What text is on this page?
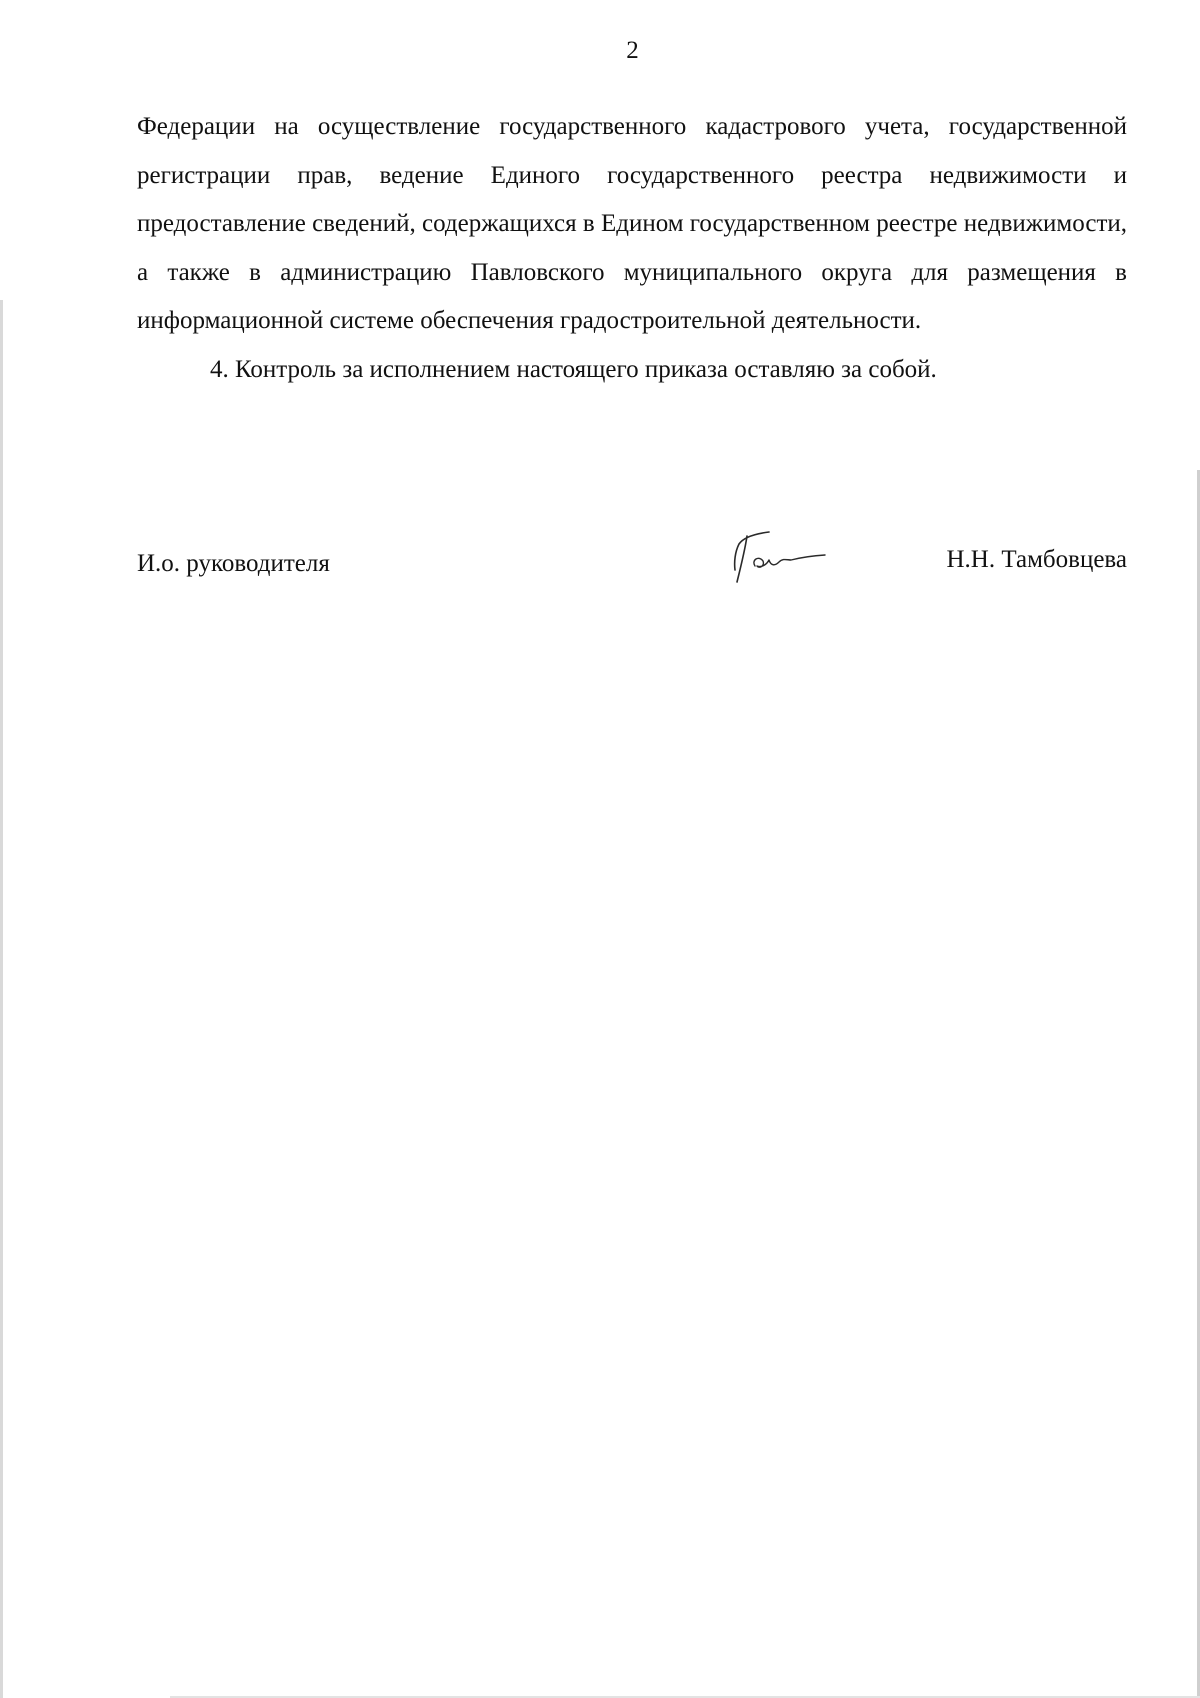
2

Федерации на осуществление государственного кадастрового учета, государственной регистрации прав, ведение Единого государственного реестра недвижимости и предоставление сведений, содержащихся в Едином государственном реестре недвижимости, а также в администрацию Павловского муниципального округа для размещения в информационной системе обеспечения градостроительной деятельности.

4. Контроль за исполнением настоящего приказа оставляю за собой.

И.о. руководителя	Н.Н. Тамбовцева
